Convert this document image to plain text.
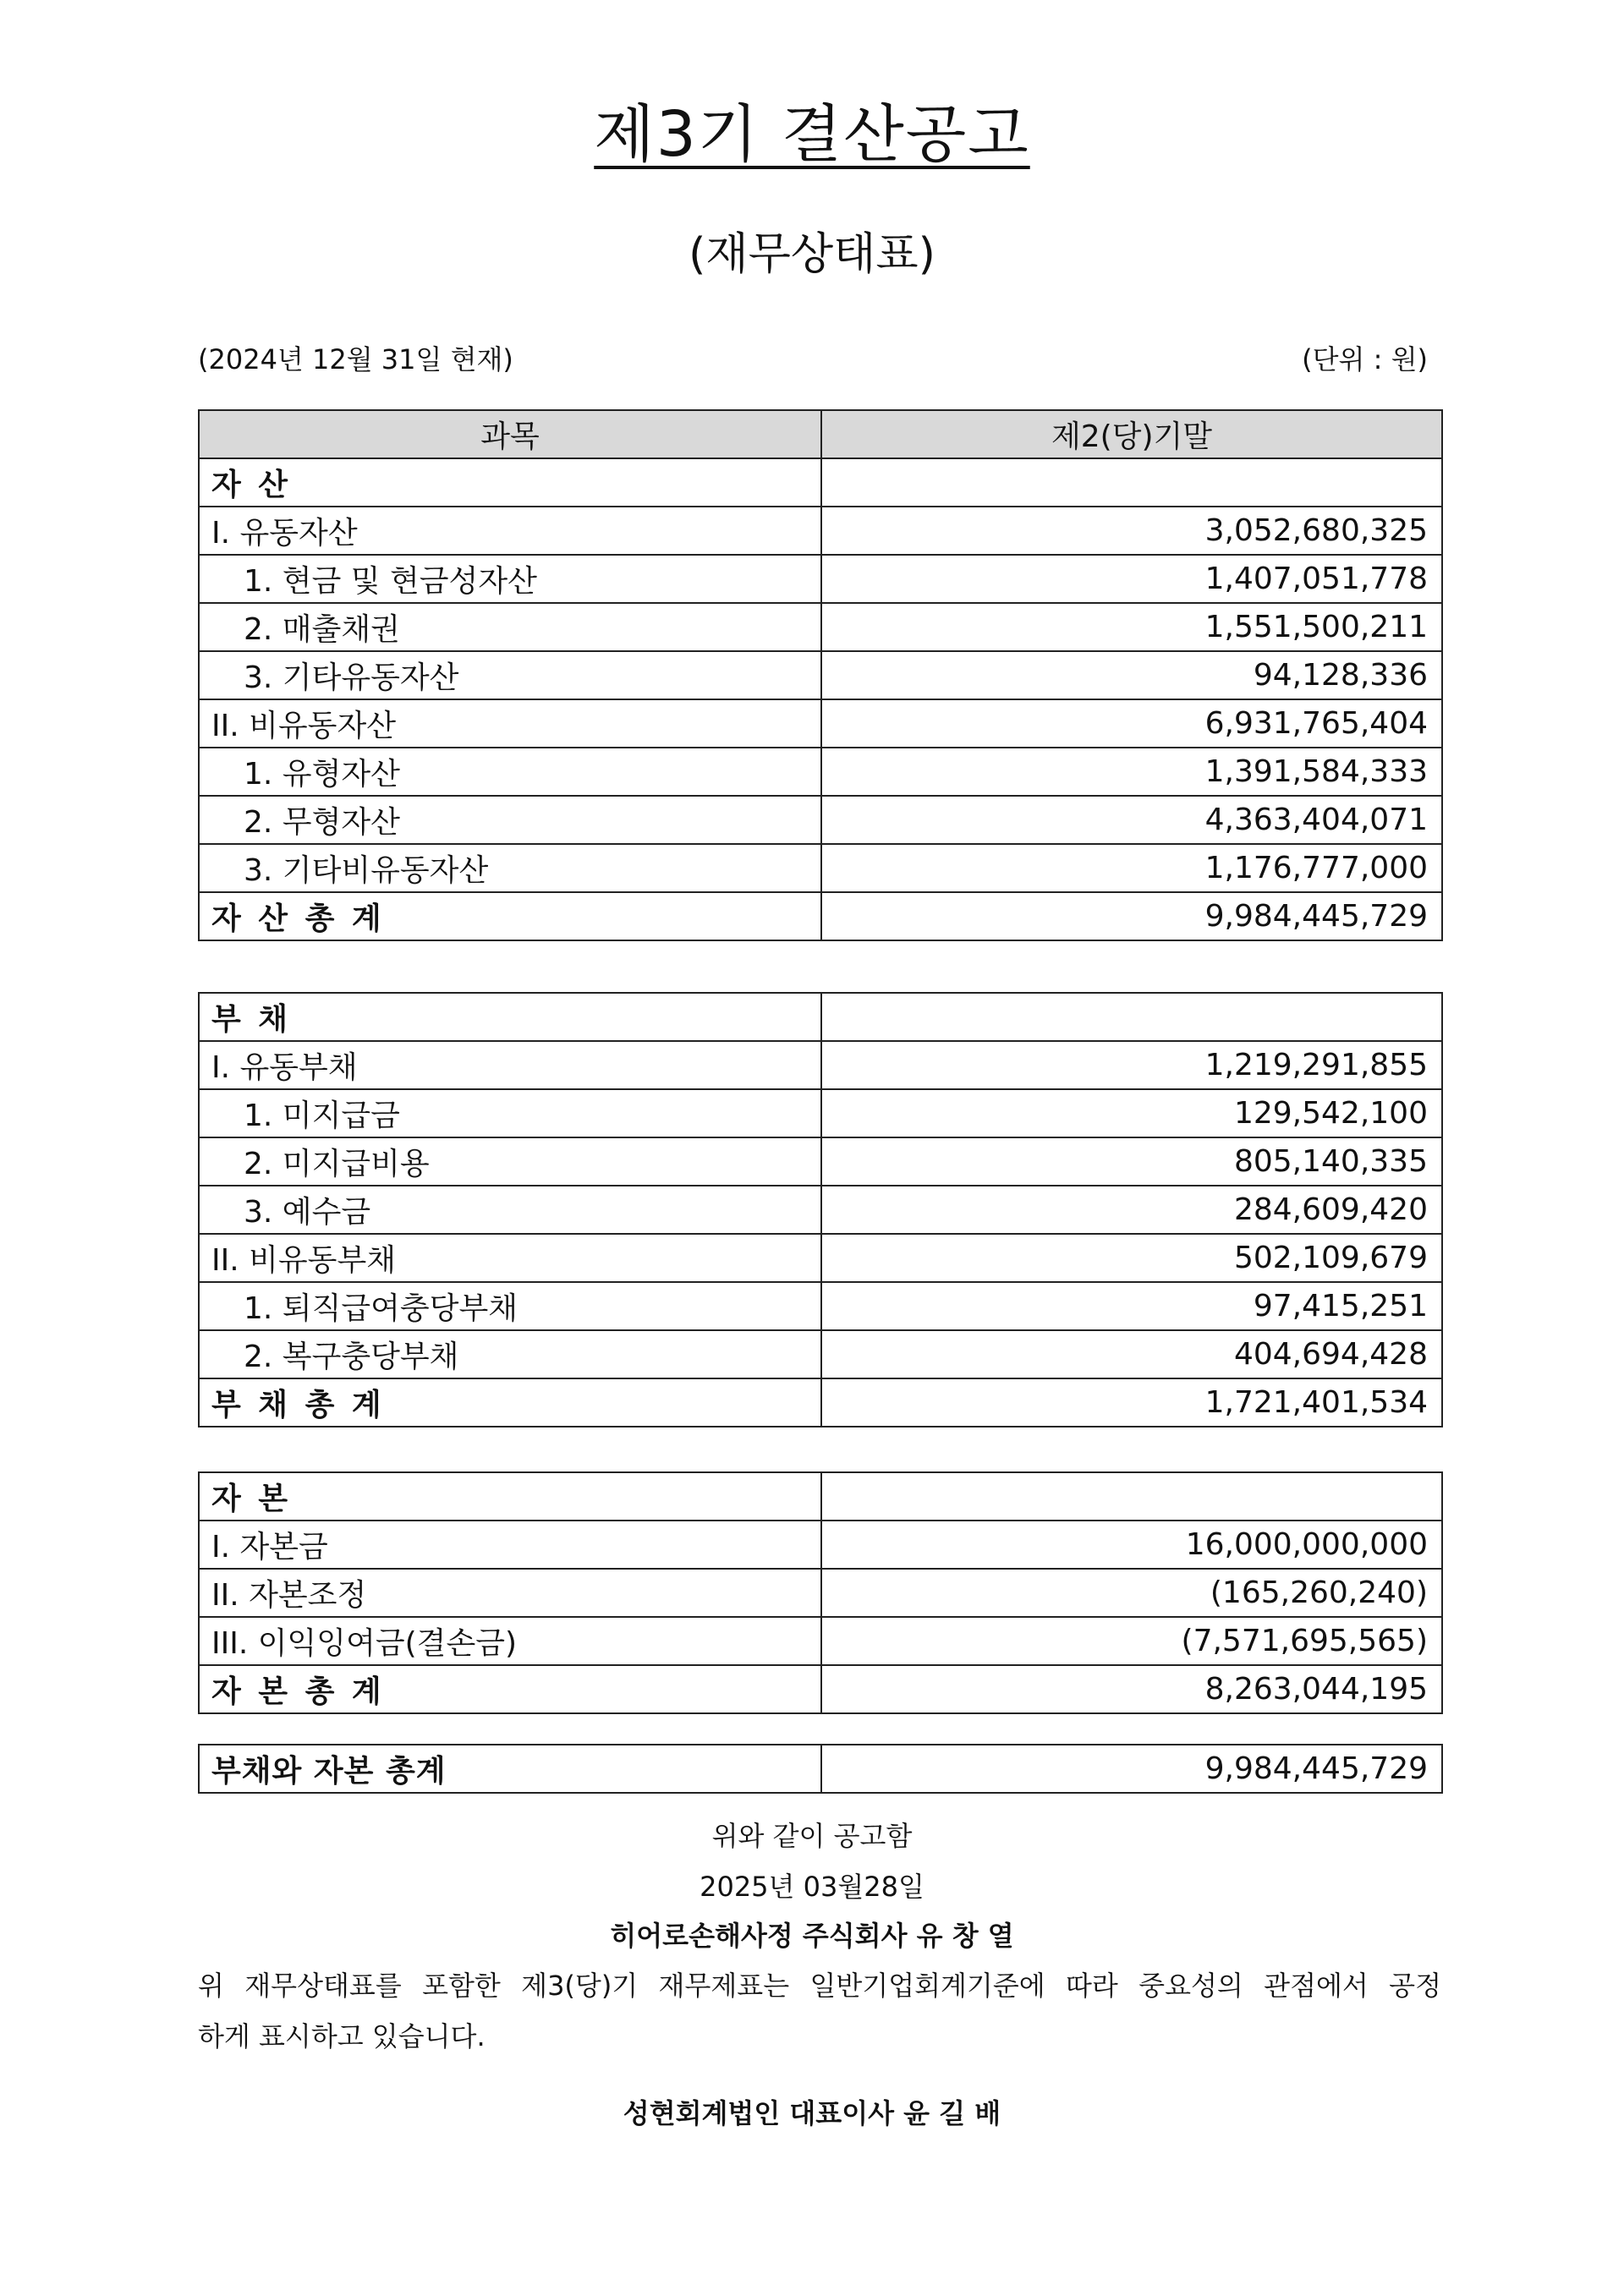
제3기 결산공고
(재무상태표)
(2024년 12월 31일 현재)	(단위 : 원)
과목	제2(당)기말
자 산	
I. 유동자산	3,052,680,325
1. 현금 및 현금성자산	1,407,051,778
2. 매출채권	1,551,500,211
3. 기타유동자산	94,128,336
II. 비유동자산	6,931,765,404
1. 유형자산	1,391,584,333
2. 무형자산	4,363,404,071
3. 기타비유동자산	1,176,777,000
자 산 총 계	9,984,445,729
부 채	
I. 유동부채	1,219,291,855
1. 미지급금	129,542,100
2. 미지급비용	805,140,335
3. 예수금	284,609,420
II. 비유동부채	502,109,679
1. 퇴직급여충당부채	97,415,251
2. 복구충당부채	404,694,428
부 채 총 계	1,721,401,534
자 본	
I. 자본금	16,000,000,000
II. 자본조정	(165,260,240)
III. 이익잉여금(결손금)	(7,571,695,565)
자 본 총 계	8,263,044,195
부채와 자본 총계	9,984,445,729
위와 같이 공고함
2025년 03월28일
히어로손해사정 주식회사 유 창 열
위 재무상태표를 포함한 제3(당)기 재무제표는 일반기업회계기준에 따라 중요성의 관점에서 공정
하게 표시하고 있습니다.
성현회계법인 대표이사 윤 길 배
